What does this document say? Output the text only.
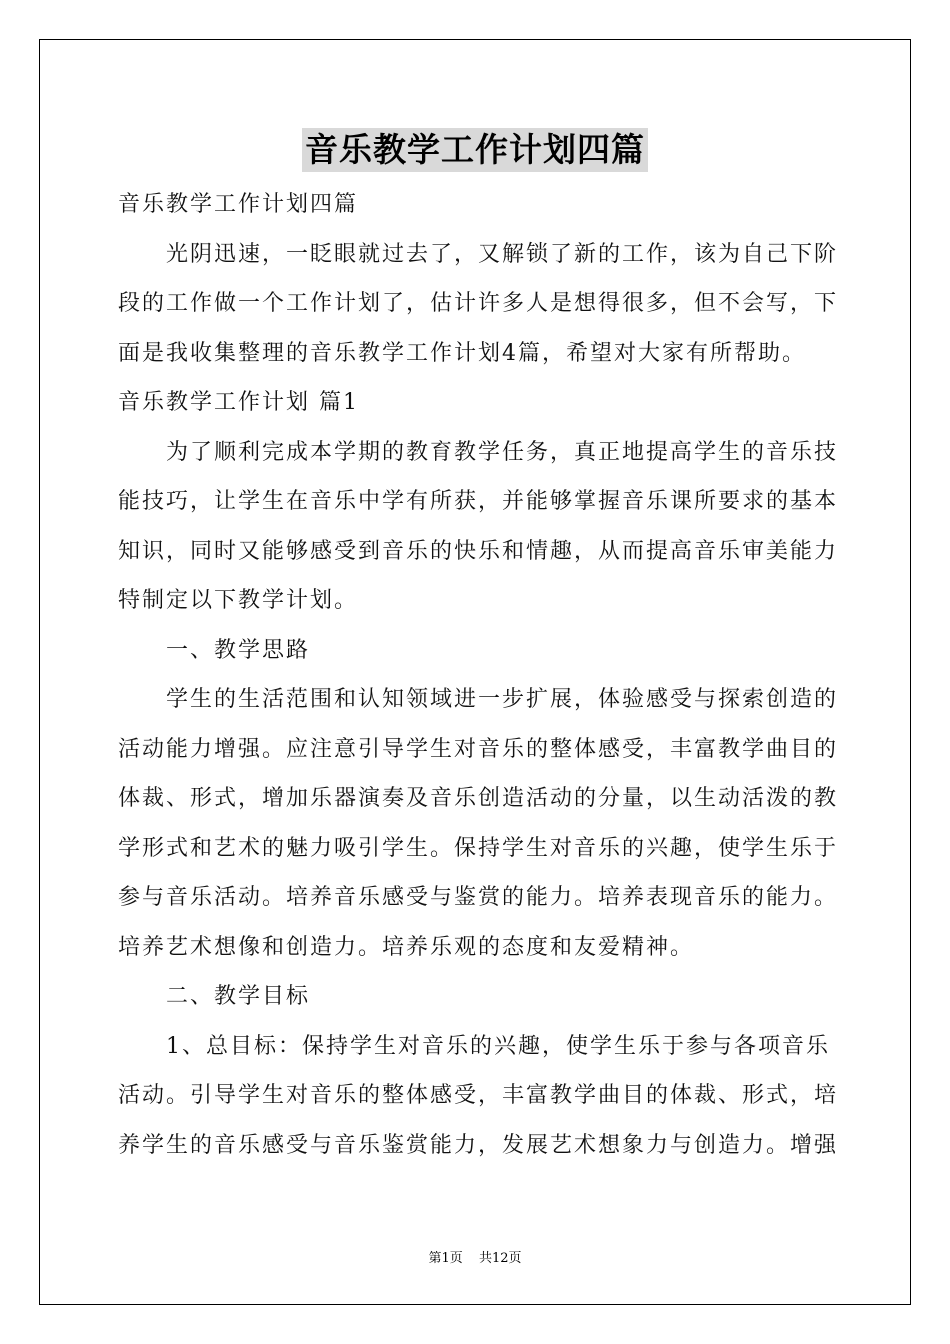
音乐教学工作计划四篇

音乐教学工作计划四篇

光阴迅速，一眨眼就过去了，又解锁了新的工作，该为自己下阶段的工作做一个工作计划了，估计许多人是想得很多，但不会写，下面是我收集整理的音乐教学工作计划4篇，希望对大家有所帮助。

音乐教学工作计划 篇1

为了顺利完成本学期的教育教学任务，真正地提高学生的音乐技能技巧，让学生在音乐中学有所获，并能够掌握音乐课所要求的基本知识，同时又能够感受到音乐的快乐和情趣，从而提高音乐审美能力特制定以下教学计划。

一、教学思路

学生的生活范围和认知领域进一步扩展，体验感受与探索创造的活动能力增强。应注意引导学生对音乐的整体感受，丰富教学曲目的体裁、形式，增加乐器演奏及音乐创造活动的分量，以生动活泼的教学形式和艺术的魅力吸引学生。保持学生对音乐的兴趣，使学生乐于参与音乐活动。培养音乐感受与鉴赏的能力。培养表现音乐的能力。培养艺术想像和创造力。培养乐观的态度和友爱精神。

二、教学目标

1、总目标：保持学生对音乐的兴趣，使学生乐于参与各项音乐活动。引导学生对音乐的整体感受，丰富教学曲目的体裁、形式，培养学生的音乐感受与音乐鉴赏能力，发展艺术想象力与创造力。增强

第1页 共12页
